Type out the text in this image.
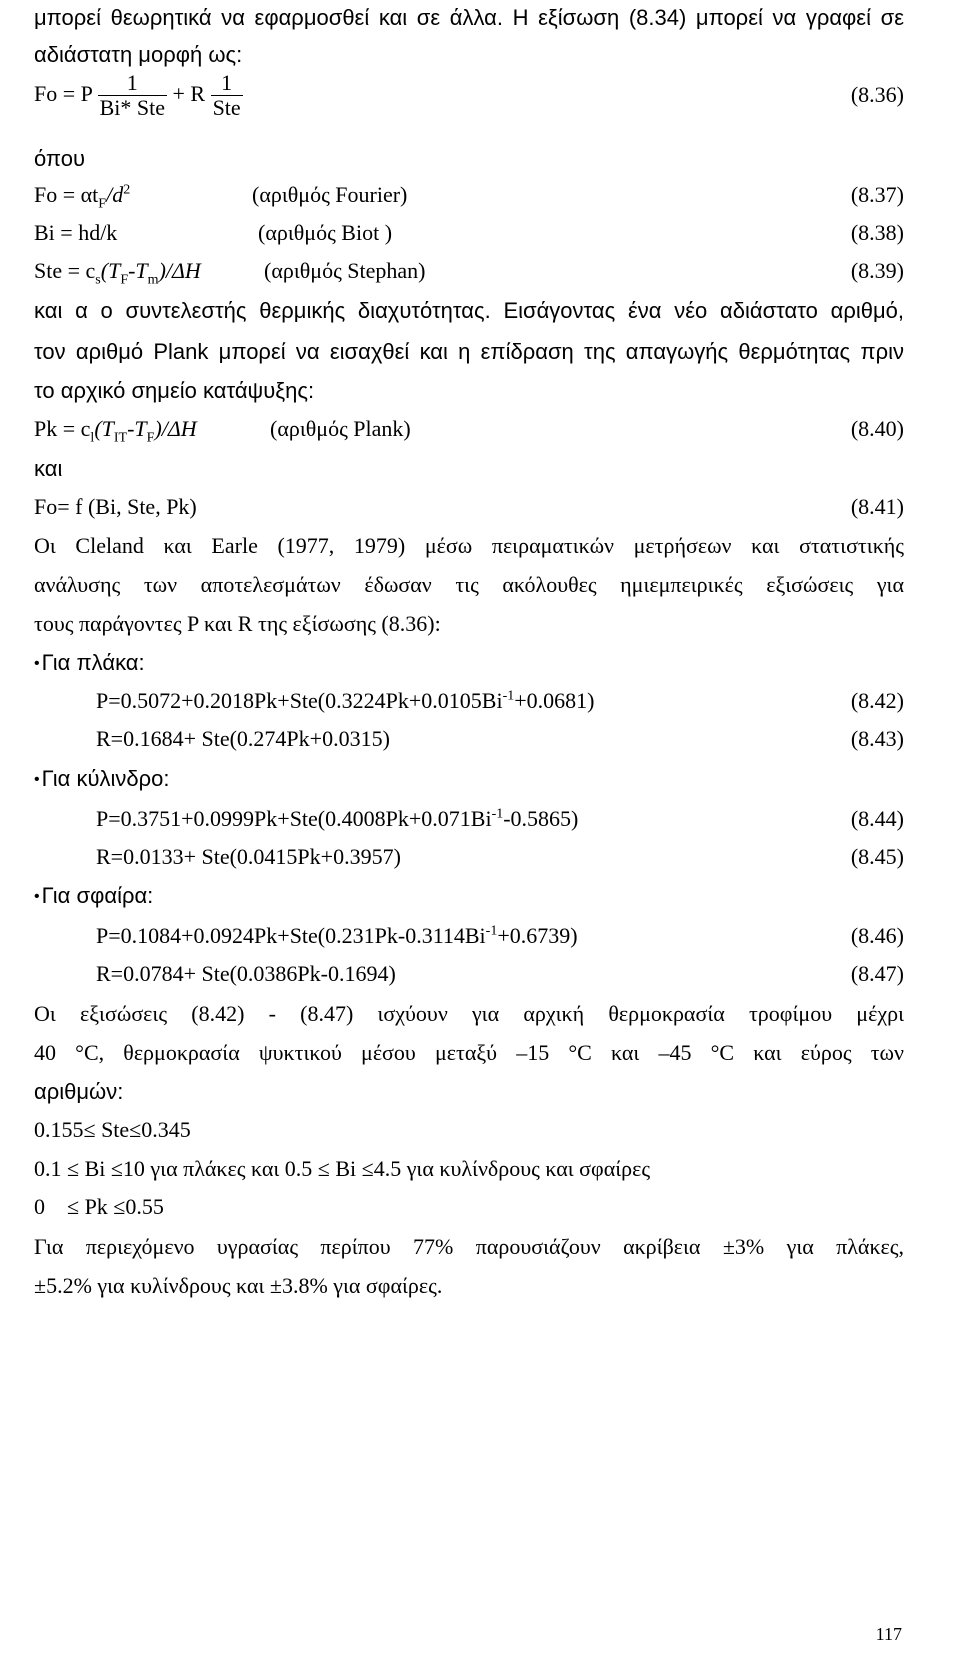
μπορεί θεωρητικά να εφαρμοσθεί και σε άλλα. Η εξίσωση (8.34) μπορεί να γραφεί σε
αδιάστατη μορφή ως:
Fo = P $\frac{1}{\text{Bi* Ste}} + R \frac{1}{\text{Ste}}$	(8.36)
όπου
$Fo = \alpha t_F/d^2$	(αριθμός Fourier)	(8.37)
Bi = hd/k	(αριθμός Biot )	(8.38)
Ste = $c_s(T_F-T_m)/\Delta H$	(αριθμός Stephan)	(8.39)
και α ο συντελεστής θερμικής διαχυτότητας. Εισάγοντας ένα νέο αδιάστατο αριθμό,
τον αριθμό Plank μπορεί να εισαχθεί και η επίδραση της απαγωγής θερμότητας πριν
το αρχικό σημείο κατάψυξης:
$Pk = c_l(T_{IT}-T_F)/\Delta H$	(αριθμός Plank)	(8.40)
και
Fo= f (Bi, Ste, Pk)	(8.41)
Οι Cleland και Earle (1977, 1979) μέσω πειραματικών μετρήσεων και στατιστικής
ανάλυσης των αποτελεσμάτων έδωσαν τις ακόλουθες ημιεμπειρικές εξισώσεις για
τους παράγοντες P και R της εξίσωσης (8.36):
•Για πλάκα:
$P=0.5072+0.2018Pk+Ste(0.3224Pk+0.0105Bi^{-1}+0.0681)$	(8.42)
R=0.1684+ Ste(0.274Pk+0.0315)	(8.43)
•Για κύλινδρο:
$P=0.3751+0.0999Pk+Ste(0.4008Pk+0.071Bi^{-1}-0.5865)$	(8.44)
R=0.0133+ Ste(0.0415Pk+0.3957)	(8.45)
•Για σφαίρα:
$P=0.1084+0.0924Pk+Ste(0.231Pk-0.3114Bi^{-1}+0.6739)$	(8.46)
R=0.0784+ Ste(0.0386Pk-0.1694)	(8.47)
Οι εξισώσεις (8.42) - (8.47) ισχύουν για αρχική θερμοκρασία τροφίμου μέχρι
40 °C, θερμοκρασία ψυκτικού μέσου μεταξύ –15 °C και –45 °C και εύρος των
αριθμών:
0.155≤ Ste≤0.345
0.1 ≤ Bi ≤10 για πλάκες και 0.5 ≤ Bi ≤4.5 για κυλίνδρους και σφαίρες
0    ≤ Pk ≤0.55
Για περιεχόμενο υγρασίας περίπου 77% παρουσιάζουν ακρίβεια ±3% για πλάκες,
±5.2% για κυλίνδρους και ±3.8% για σφαίρες.
117
